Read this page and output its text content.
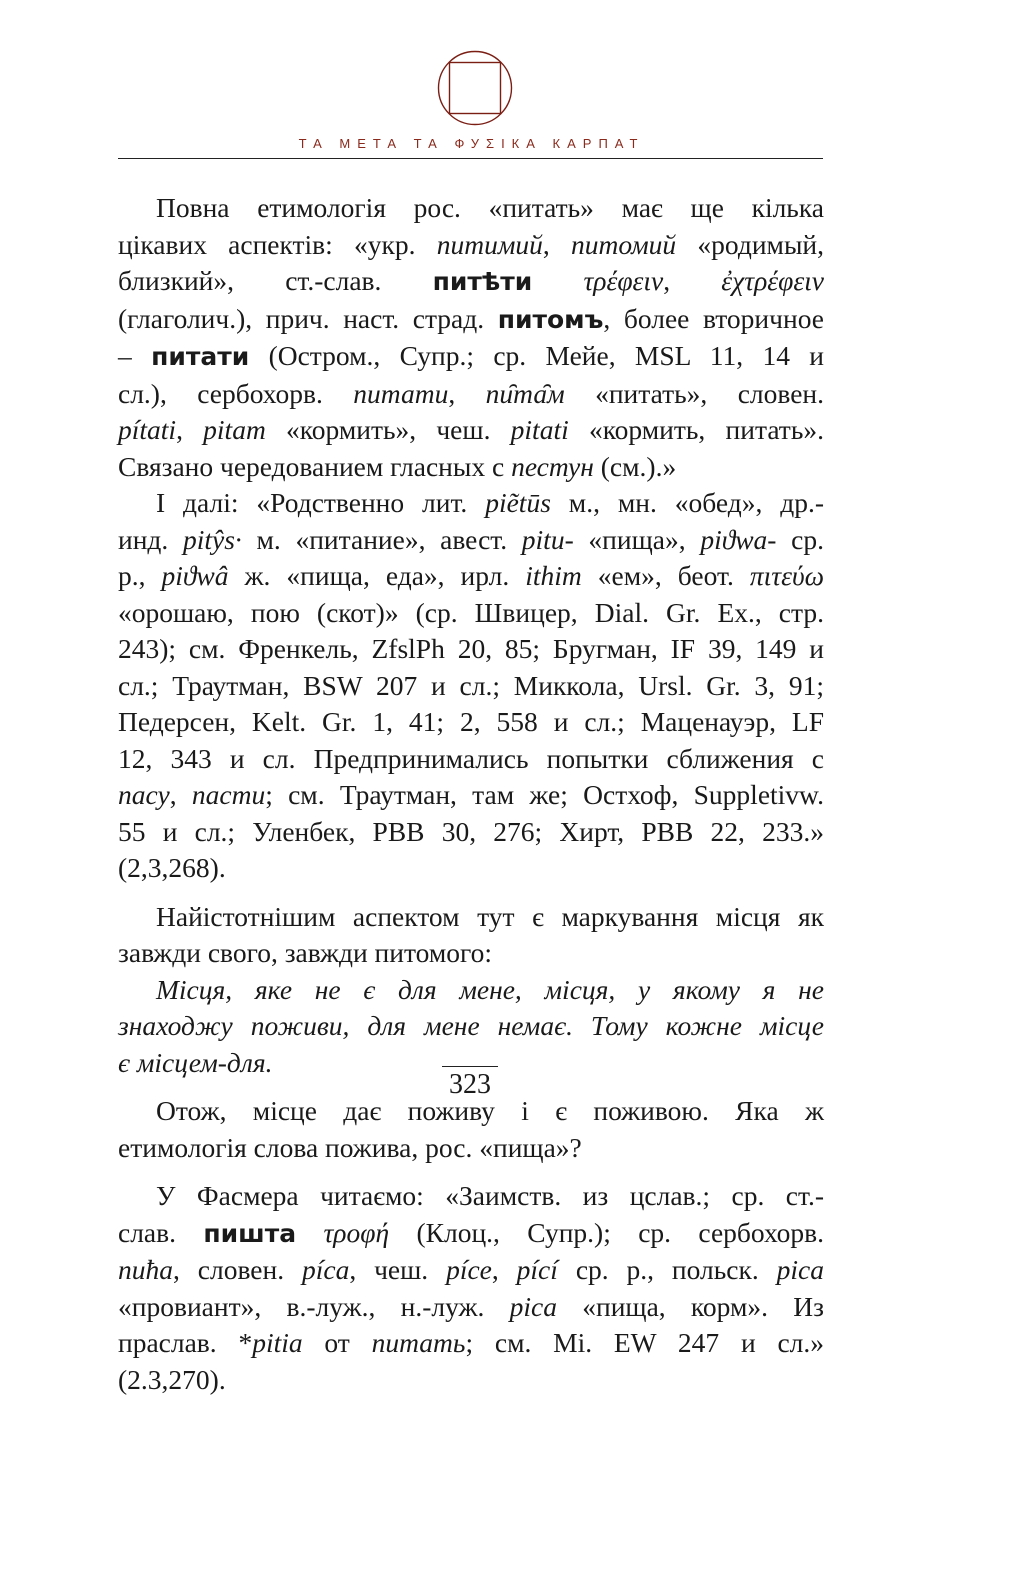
ТА МЕТА ТА ФУΣІКА КАРПАТ
Повна етимологія рос. «питать» має ще кілька
цікавих аспектів: «укр. питимий, питомий «родимый,
близкий», ст.-слав. питѣти τρέφειν, ἐχτρέφειν
(глаголич.), прич. наст. страд. питомъ, более вторичное
– питати (Остром., Супр.; ср. Мейе, MSL 11, 14 и
сл.), сербохорв. питати, пи̑та̑м «питать», словен.
pítati, pitam «кормить», чеш. pitati «кормить, питать».
Связано чередованием гласных с пестун (см.).»
І далі: «Родственно лит. piẽtūs м., мн. «обед», др.-
инд. pitŷs· м. «питание», авест. pitu- «пища», piϑwa- ср.
р., piϑwâ ж. «пища, еда», ирл. ithim «ем», беот. πιτεύω
«орошаю, пою (скот)» (ср. Швицер, Dial. Gr. Ex., стр.
243); см. Френкель, ZfslPh 20, 85; Бругман, IF 39, 149 и
сл.; Траутман, BSW 207 и сл.; Миккола, Ursl. Gr. 3, 91;
Педерсен, Kelt. Gr. 1, 41; 2, 558 и сл.; Маценауэр, LF
12, 343 и сл. Предпринимались попытки сближения с
пасу, пасти; см. Траутман, там же; Остхоф, Suppletivw.
55 и сл.; Уленбек, PBB 30, 276; Хирт, PBB 22, 233.»
(2,3,268).
Найістотнішим аспектом тут є маркування місця як
завжди свого, завжди питомого:
Місця, яке не є для мене, місця, у якому я не
знаходжу поживи, для мене немає. Тому кожне місце
є місцем-для.
Отож, місце дає поживу і є поживою. Яка ж
етимологія слова пожива, рос. «пища»?
У Фасмера читаємо: «Заимств. из цслав.; ср. ст.-
слав. пишта τροφή (Клоц., Супр.); ср. сербохорв.
пиħа, словен. píca, чеш. píce, pící ср. р., польск. pica
«провиант», в.-луж., н.-луж. pica «пища, корм». Из
праслав. *pitia от питать; см. Mi. EW 247 и сл.»
(2.3,270).
323
